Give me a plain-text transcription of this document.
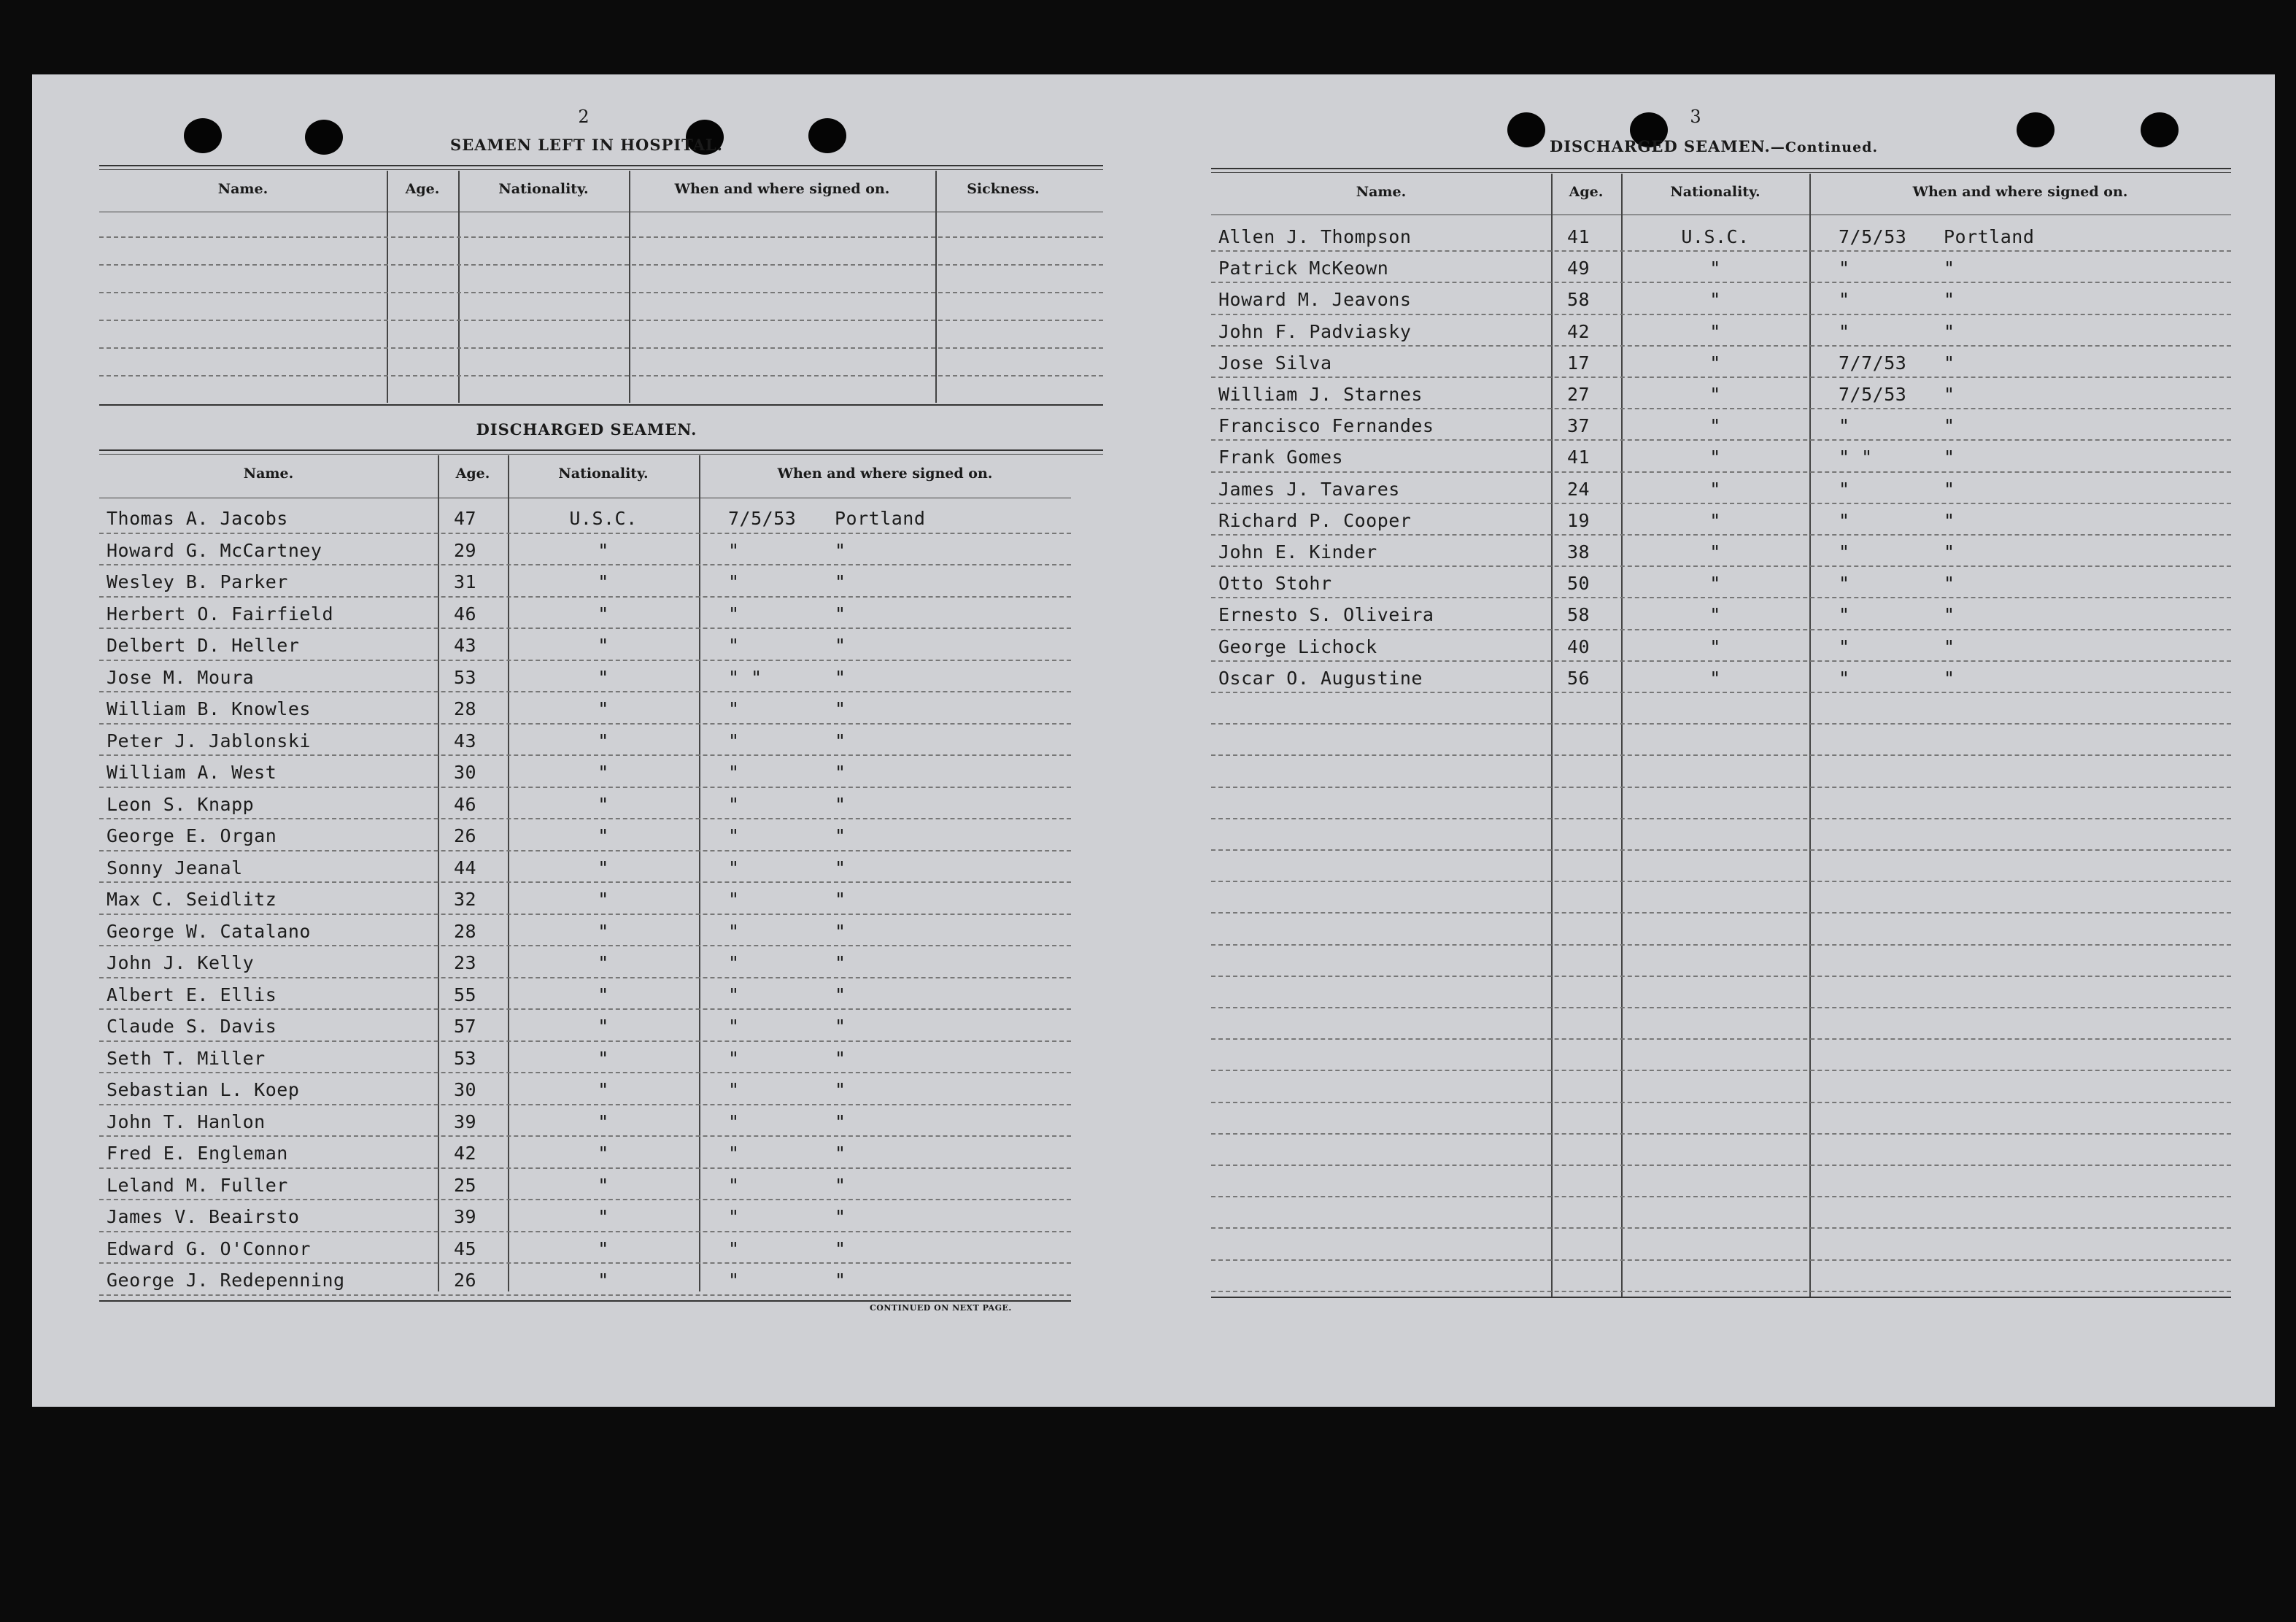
2
SEAMEN LEFT IN HOSPITAL.
Name.	Age.	Nationality.	When and where signed on.	Sickness.
DISCHARGED SEAMEN.
Name.	Age.	Nationality.	When and where signed on.
Thomas A. Jacobs	47	U.S.C.	7/5/53 Portland
Howard G. McCartney	29	"	"	"
Wesley B. Parker	31	"	"	"
Herbert O. Fairfield	46	"	"	"
Delbert D. Heller	43	"	"	"
Jose M. Moura	53	"	" "	"
William B. Knowles	28	"	"	"
Peter J. Jablonski	43	"	"	"
William A. West	30	"	"	"
Leon S. Knapp	46	"	"	"
George E. Organ	26	"	"	"
Sonny Jeanal	44	"	"	"
Max C. Seidlitz	32	"	"	"
George W. Catalano	28	"	"	"
John J. Kelly	23	"	"	"
Albert E. Ellis	55	"	"	"
Claude S. Davis	57	"	"	"
Seth T. Miller	53	"	"	"
Sebastian L. Koep	30	"	"	"
John T. Hanlon	39	"	"	"
Fred E. Engleman	42	"	"	"
Leland M. Fuller	25	"	"	"
James V. Beairsto	39	"	"	"
Edward G. O'Connor	45	"	"	"
George J. Redepenning	26	"	"	"
CONTINUED ON NEXT PAGE.
3
DISCHARGED SEAMEN.—Continued.
Name.	Age.	Nationality.	When and where signed on.
Allen J. Thompson	41	U.S.C.	7/5/53 Portland
Patrick McKeown	49	"	"	"
Howard M. Jeavons	58	"	"	"
John F. Padviasky	42	"	"	"
Jose Silva	17	"	7/7/53 "
William J. Starnes	27	"	7/5/53 "
Francisco Fernandes	37	"	"	"
Frank Gomes	41	"	" "	"
James J. Tavares	24	"	"	"
Richard P. Cooper	19	"	"	"
John E. Kinder	38	"	"	"
Otto Stohr	50	"	"	"
Ernesto S. Oliveira	58	"	"	"
George Lichock	40	"	"	"
Oscar O. Augustine	56	"	"	"
